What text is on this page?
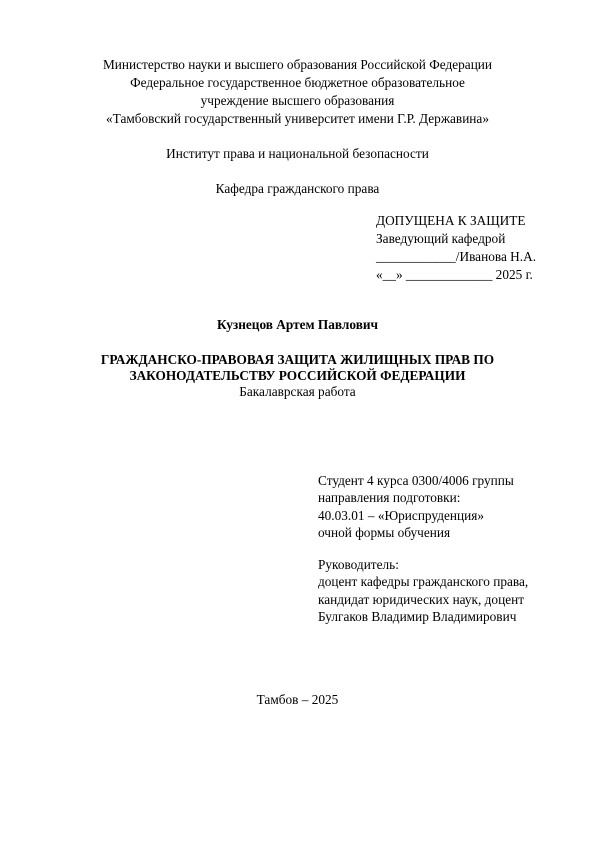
Министерство науки и высшего образования Российской Федерации
Федеральное государственное бюджетное образовательное
учреждение высшего образования
«Тамбовский государственный университет имени Г.Р. Державина»
Институт права и национальной безопасности
Кафедра гражданского права
ДОПУЩЕНА К ЗАЩИТЕ
Заведующий кафедрой
____________/Иванова Н.А.
«__» _____________ 2025 г.
Кузнецов Артем Павлович
ГРАЖДАНСКО-ПРАВОВАЯ ЗАЩИТА ЖИЛИЩНЫХ ПРАВ ПО
ЗАКОНОДАТЕЛЬСТВУ РОССИЙСКОЙ ФЕДЕРАЦИИ
Бакалаврская работа
Студент 4 курса 0300/4006 группы
направления подготовки:
40.03.01 – «Юриспруденция»
очной формы обучения
Руководитель:
доцент кафедры гражданского права,
кандидат юридических наук, доцент
Булгаков Владимир Владимирович
Тамбов – 2025
